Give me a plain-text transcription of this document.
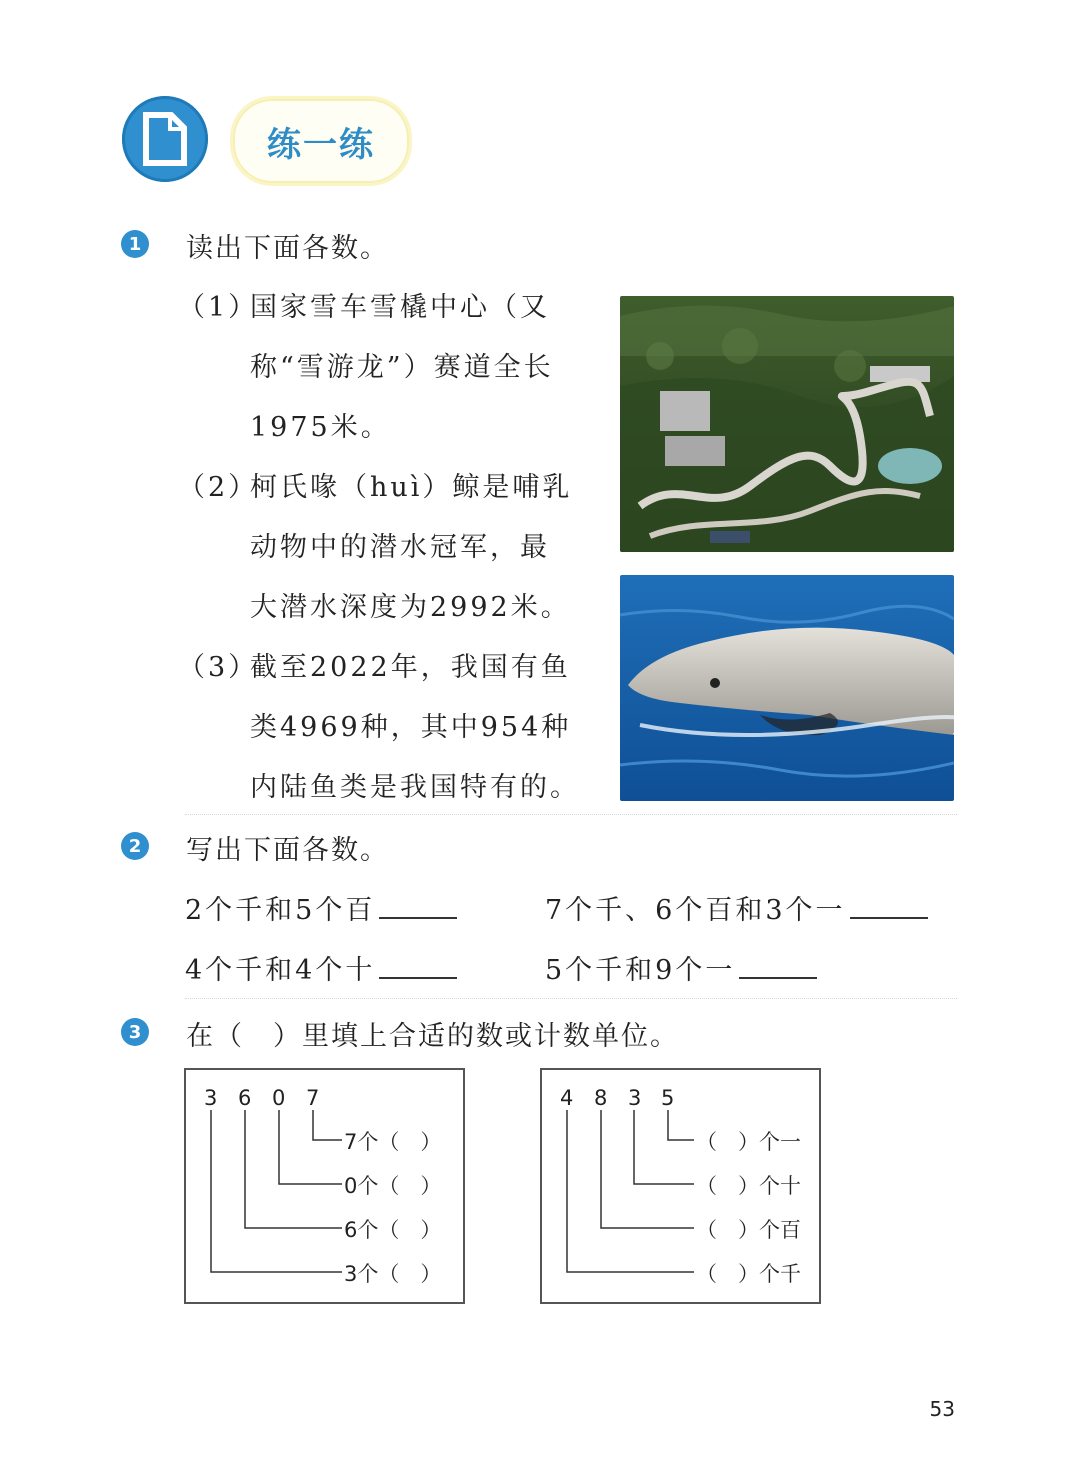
练一练
1 读出下面各数。
（1）
国家雪车雪橇中心（又
称“雪游龙”）赛道全长
1975米。
（2）
柯氏喙（huì）鲸是哺乳
动物中的潜水冠军，最
大潜水深度为2992米。
（3）
截至2022年，我国有鱼
类4969种，其中954种
内陆鱼类是我国特有的。
2 写出下面各数。
2个千和5个百	7个千、6个百和3个一
4个千和4个十	5个千和9个一
3 在（　）里填上合适的数或计数单位。
3 6 0 7
7个（　）
0个（　）
6个（　）
3个（　）
4 8 3 5
（　）个一
（　）个十
（　）个百
（　）个千
53
